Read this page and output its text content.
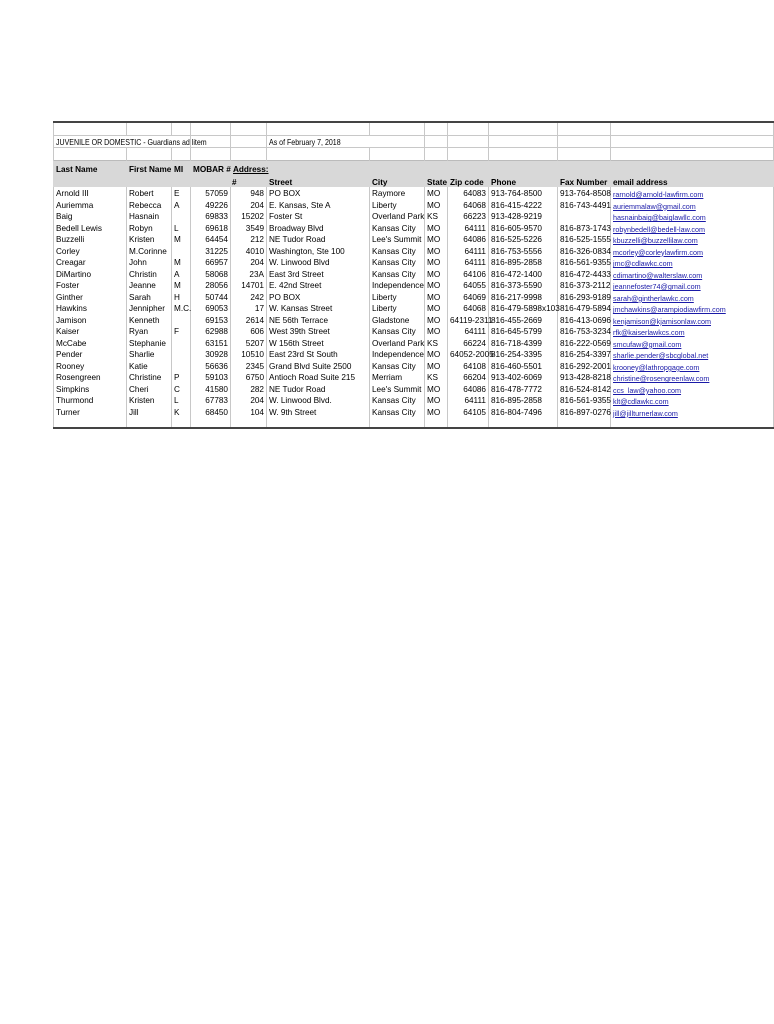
JUVENILE OR DOMESTIC - Guardians ad litem					As of February 7, 2018						

Last Name	First Name	MI	MOBAR #	Address:							
				#	Street	City	State	Zip code	Phone	Fax Number	email address
Arnold III	Robert	E	57059	948	PO BOX	Raymore	MO	64083	913-764-8500	913-764-8508	rarnold@arnold-lawfirm.com
Auriemma	Rebecca	A	49226	204	E. Kansas, Ste A	Liberty	MO	64068	816-415-4222	816-743-4491	auriemmalaw@gmail.com
Baig	Hasnain		69833	15202	Foster St	Overland Park	KS	66223	913-428-9219		hasnainbaig@baiglawllc.com
Bedell Lewis	Robyn	L	69618	3549	Broadway Blvd	Kansas City	MO	64111	816-605-9570	816-873-1743	robynbedell@bedell-law.com
Buzzelli	Kristen	M	64454	212	NE Tudor Road	Lee's Summit	MO	64086	816-525-5226	816-525-1555	kbuzzelli@buzzellilaw.com
Corley	M.Corinne		31225	4010	Washington, Ste 100	Kansas City	MO	64111	816-753-5556	816-326-0834	mcorley@corleylawfirm.com
Creagar	John	M	66957	204	W. Linwood Blvd	Kansas City	MO	64111	816-895-2858	816-561-9355	jmc@cdlawkc.com
DiMartino	Christin	A	58068	23A	East 3rd Street	Kansas City	MO	64106	816-472-1400	816-472-4433	cdimartino@walterslaw.com
Foster	Jeanne	M	28056	14701	E. 42nd Street	Independence	MO	64055	816-373-5590	816-373-2112	jeannefoster74@gmail.com
Ginther	Sarah	H	50744	242	PO BOX	Liberty	MO	64069	816-217-9998	816-293-9189	sarah@gintherlawkc.com
Hawkins	Jennipher	M.C.	69053	17	W. Kansas Street	Liberty	MO	64068	816-479-5898x103	816-479-5894	jmchawkins@arampiodiawfirm.com
Jamison	Kenneth		69153	2614	NE 56th Terrace	Gladstone	MO	64119-2311	816-455-2669	816-413-0696	kenjamison@kjamisonlaw.com
Kaiser	Ryan	F	62988	606	West 39th Street	Kansas City	MO	64111	816-645-5799	816-753-3234	rfk@kaiserlawkcs.com
McCabe	Stephanie		63151	5207	W 156th Street	Overland Park	KS	66224	816-718-4399	816-222-0569	smcufaw@gmail.com
Pender	Sharlie		30928	10510	East 23rd St South	Independence	MO	64052-2005	816-254-3395	816-254-3397	sharlie.pender@sbcglobal.net
Rooney	Katie		56636	2345	Grand Blvd Suite 2500	Kansas City	MO	64108	816-460-5501	816-292-2001	krooney@lathropgage.com
Rosengreen	Christine	P	59103	6750	Antioch Road Suite 215	Merriam	KS	66204	913-402-6069	913-428-8218	christine@rosengreenlaw.com
Simpkins	Cheri	C	41580	282	NE Tudor Road	Lee's Summit	MO	64086	816-478-7772	816-524-8142	ccs_law@yahoo.com
Thurmond	Kristen	L	67783	204	W. Linwood Blvd.	Kansas City	MO	64111	816-895-2858	816-561-9355	klt@cdlawkc.com
Turner	Jill	K	68450	104	W. 9th Street	Kansas City	MO	64105	816-804-7496	816-897-0276	jill@jillturnerlaw.com
